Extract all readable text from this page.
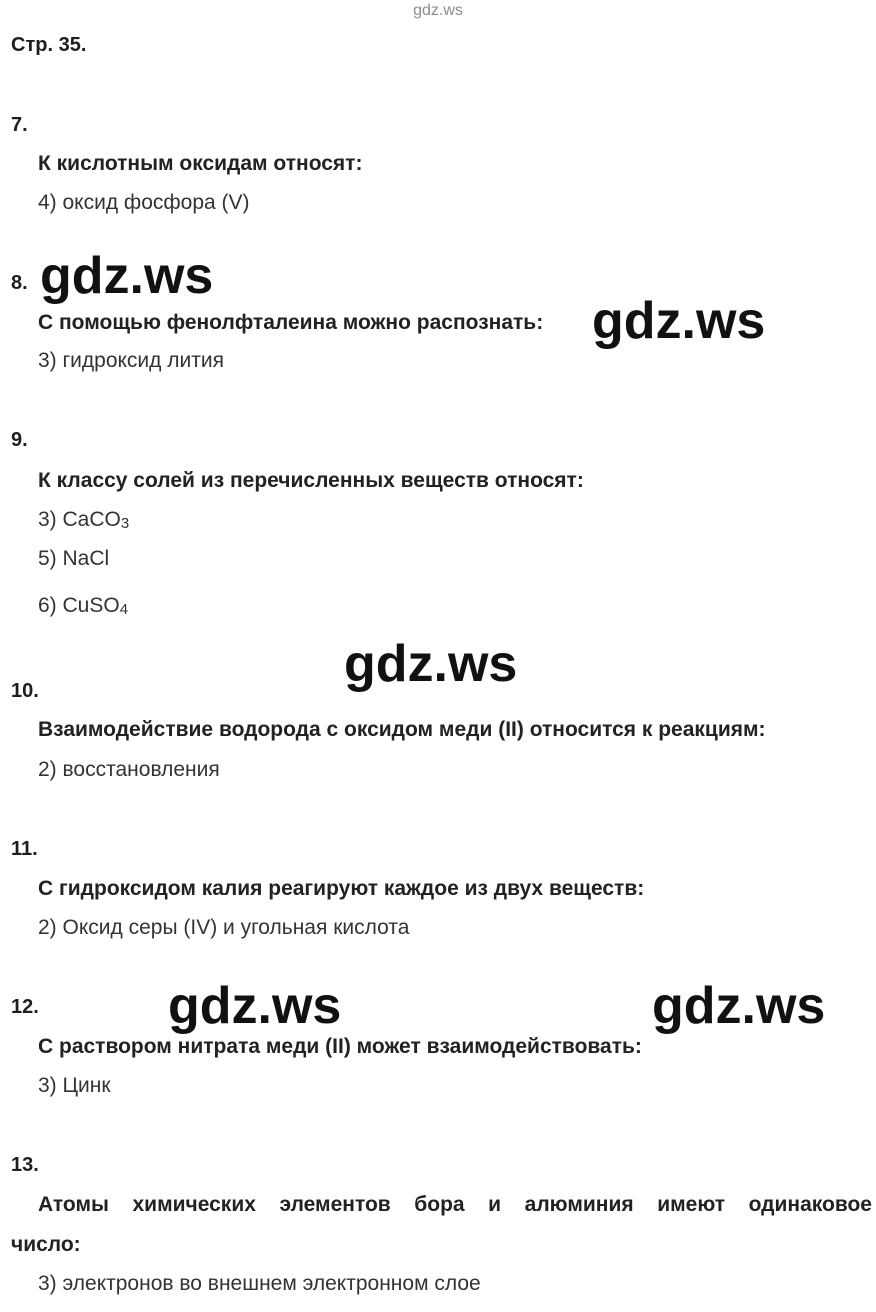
gdz.ws
Стр. 35.
7.
К кислотным оксидам относят:
4) оксид фосфора (V)
8.
С помощью фенолфталеина можно распознать:
3) гидроксид лития
9.
К классу солей из перечисленных веществ относят:
3) CaCO3
5) NaCl
6) CuSO4
10.
Взаимодействие водорода с оксидом меди (II) относится к реакциям:
2) восстановления
11.
С гидроксидом калия реагируют каждое из двух веществ:
2) Оксид серы (IV) и угольная кислота
12.
С раствором нитрата меди (II) может взаимодействовать:
3) Цинк
13.
Атомы химических элементов бора и алюминия имеют одинаковое
число:
3) электронов во внешнем электронном слое
gdz.ws
gdz.ws
gdz.ws
gdz.ws	gdz.ws
